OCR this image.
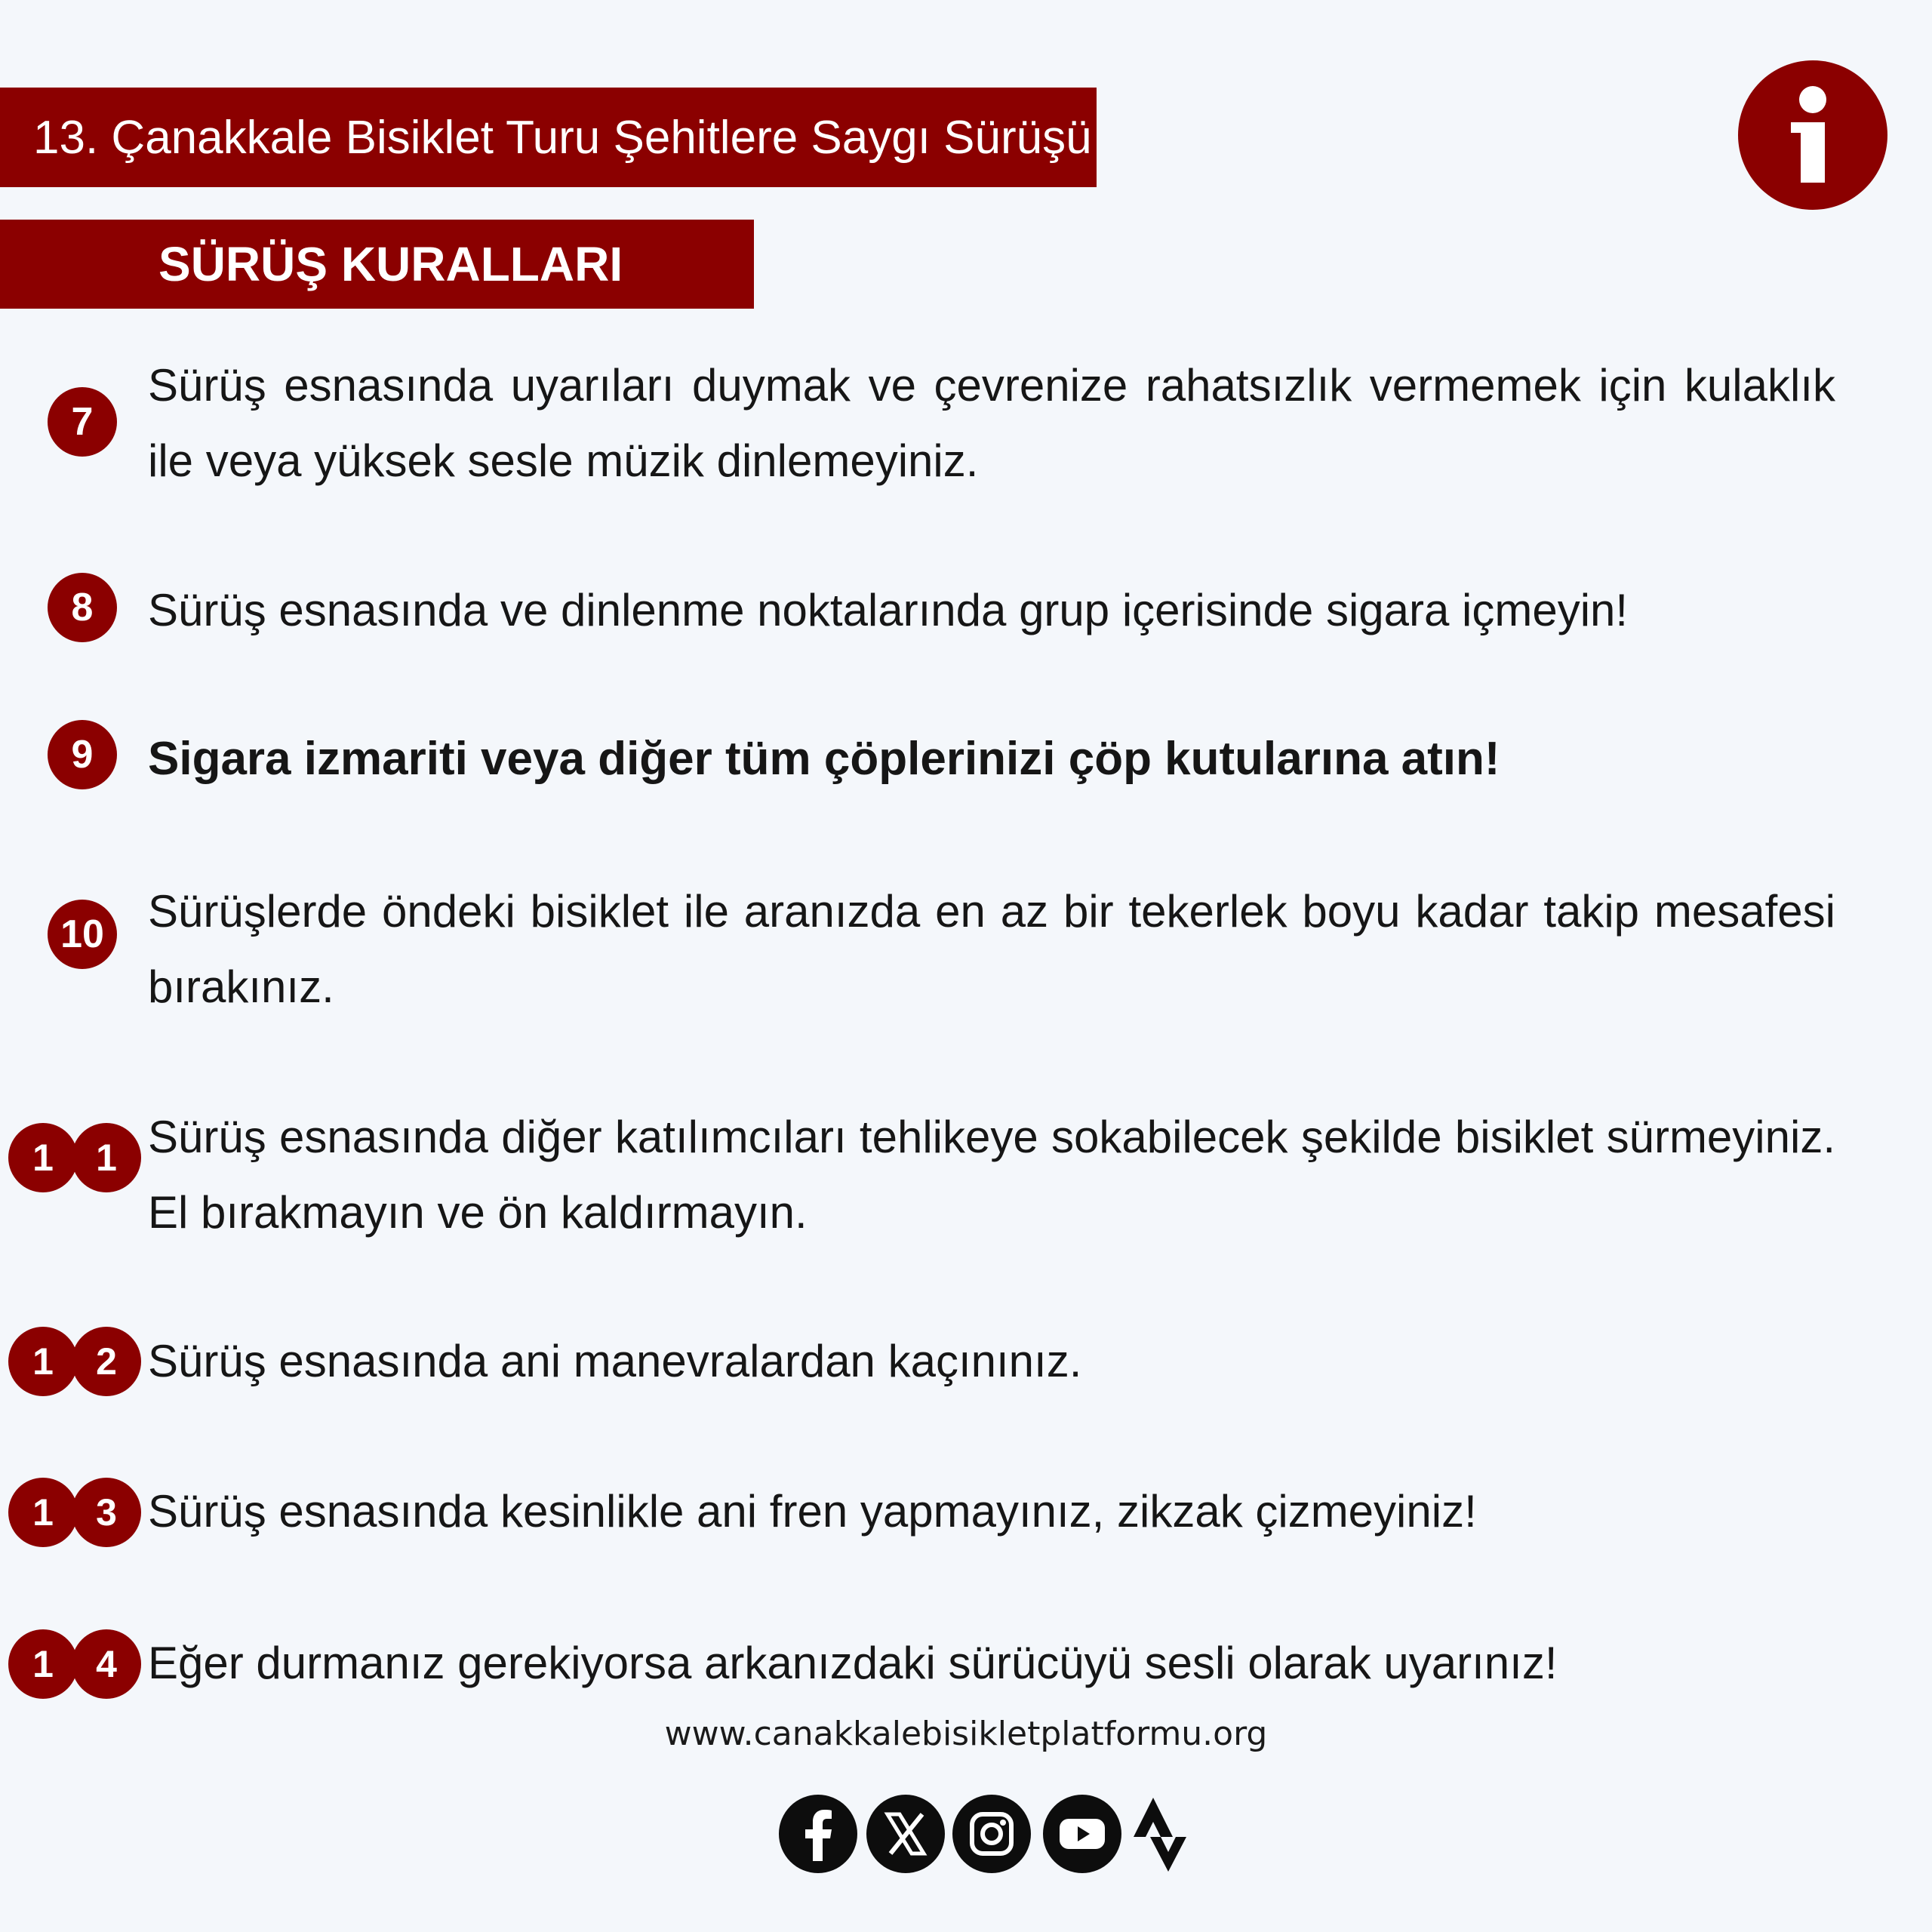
13. Çanakkale Bisiklet Turu Şehitlere Saygı Sürüşü
SÜRÜŞ KURALLARI
7
Sürüş esnasında uyarıları duymak ve çevrenize rahatsızlık vermemek için kulaklık ile veya yüksek sesle müzik dinlemeyiniz.
8 Sürüş esnasında ve dinlenme noktalarında grup içerisinde sigara içmeyin!
9 Sigara izmariti veya diğer tüm çöplerinizi çöp kutularına atın!
10 Sürüşlerde öndeki bisiklet ile aranızda en az bir tekerlek boyu kadar takip mesafesi bırakınız.
1 1 Sürüş esnasında diğer katılımcıları tehlikeye sokabilecek şekilde bisiklet sürmeyiniz. El bırakmayın ve ön kaldırmayın.
1 2 Sürüş esnasında ani manevralardan kaçınınız.
1 3 Sürüş esnasında kesinlikle ani fren yapmayınız, zikzak çizmeyiniz!
1 4 Eğer durmanız gerekiyorsa arkanızdaki sürücüyü sesli olarak uyarınız!
www.canakkalebisikletplatformu.org
